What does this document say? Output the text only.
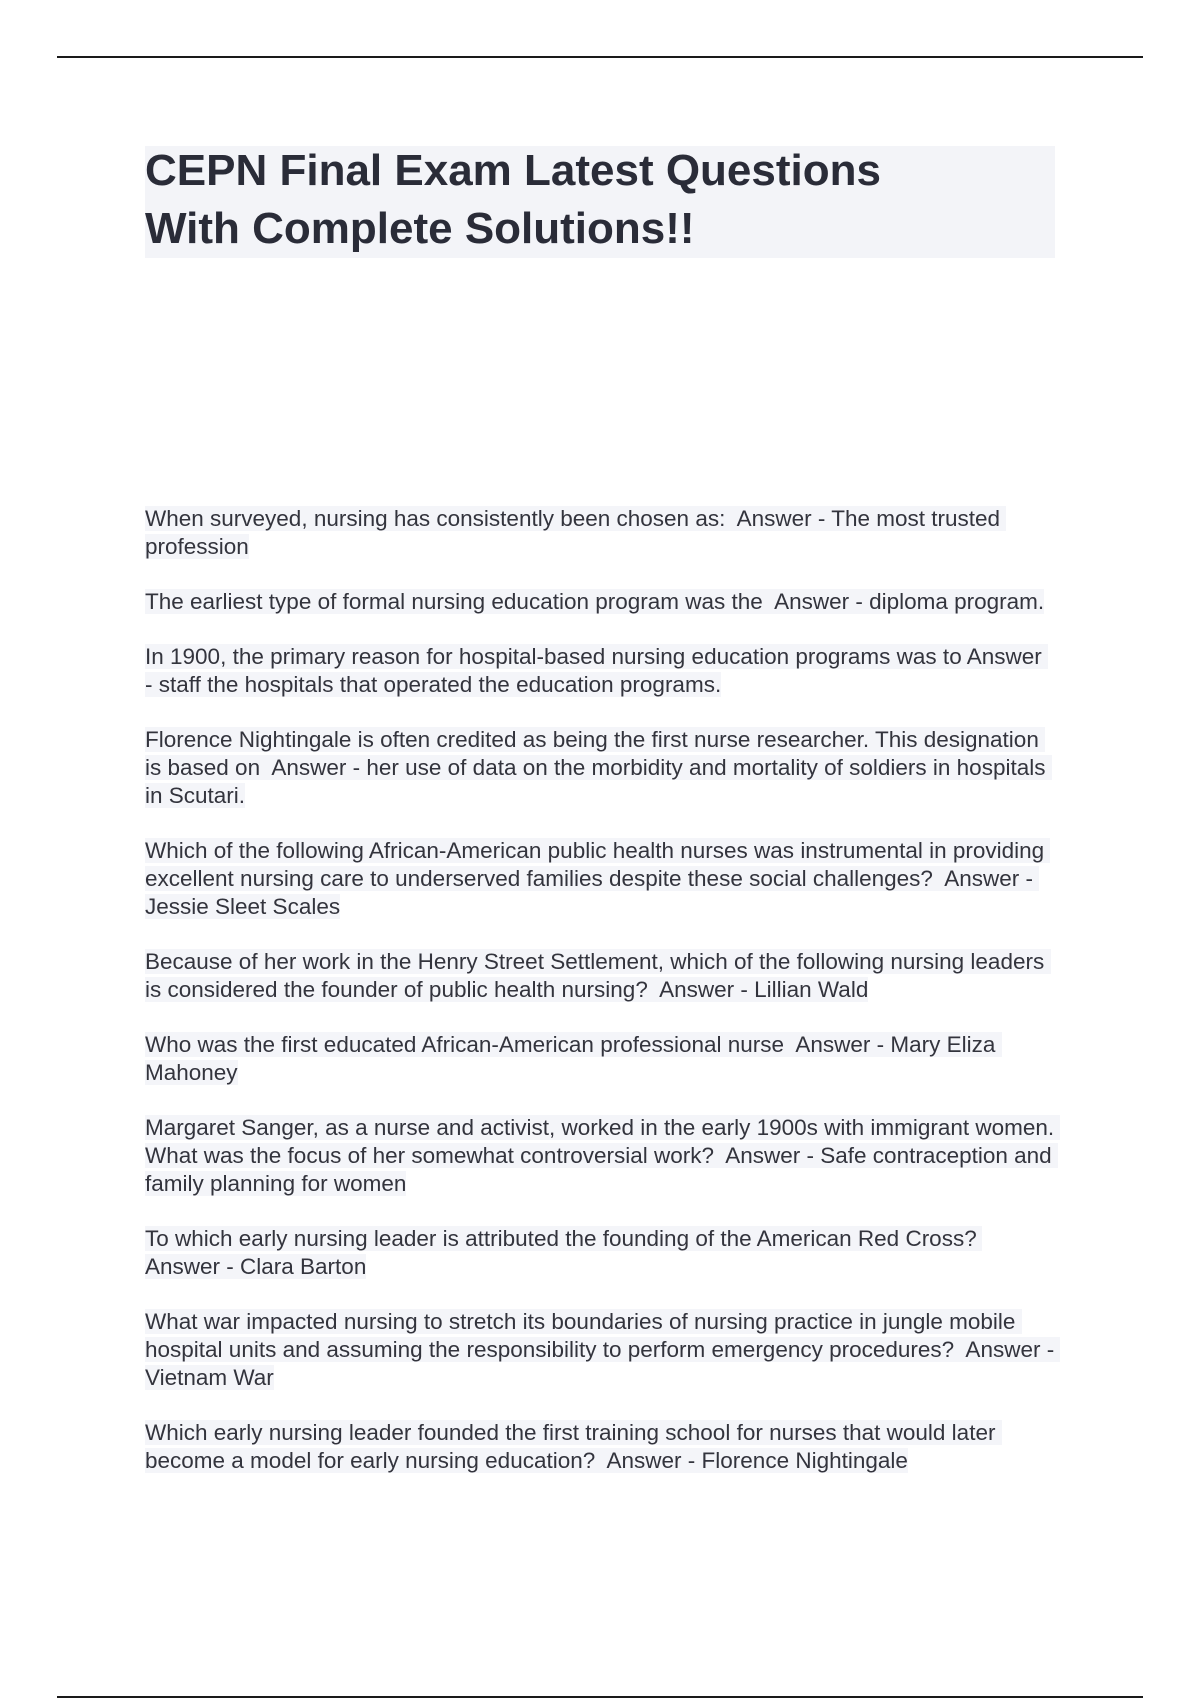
CEPN Final Exam Latest Questions With Complete Solutions!!

When surveyed, nursing has consistently been chosen as:  Answer - The most trusted profession

The earliest type of formal nursing education program was the  Answer - diploma program.

In 1900, the primary reason for hospital-based nursing education programs was to Answer - staff the hospitals that operated the education programs.

Florence Nightingale is often credited as being the first nurse researcher. This designation is based on  Answer - her use of data on the morbidity and mortality of soldiers in hospitals in Scutari.

Which of the following African-American public health nurses was instrumental in providing excellent nursing care to underserved families despite these social challenges?  Answer - Jessie Sleet Scales

Because of her work in the Henry Street Settlement, which of the following nursing leaders is considered the founder of public health nursing?  Answer - Lillian Wald

Who was the first educated African-American professional nurse  Answer - Mary Eliza Mahoney

Margaret Sanger, as a nurse and activist, worked in the early 1900s with immigrant women. What was the focus of her somewhat controversial work?  Answer - Safe contraception and family planning for women

To which early nursing leader is attributed the founding of the American Red Cross? Answer - Clara Barton

What war impacted nursing to stretch its boundaries of nursing practice in jungle mobile hospital units and assuming the responsibility to perform emergency procedures?  Answer - Vietnam War

Which early nursing leader founded the first training school for nurses that would later become a model for early nursing education?  Answer - Florence Nightingale
